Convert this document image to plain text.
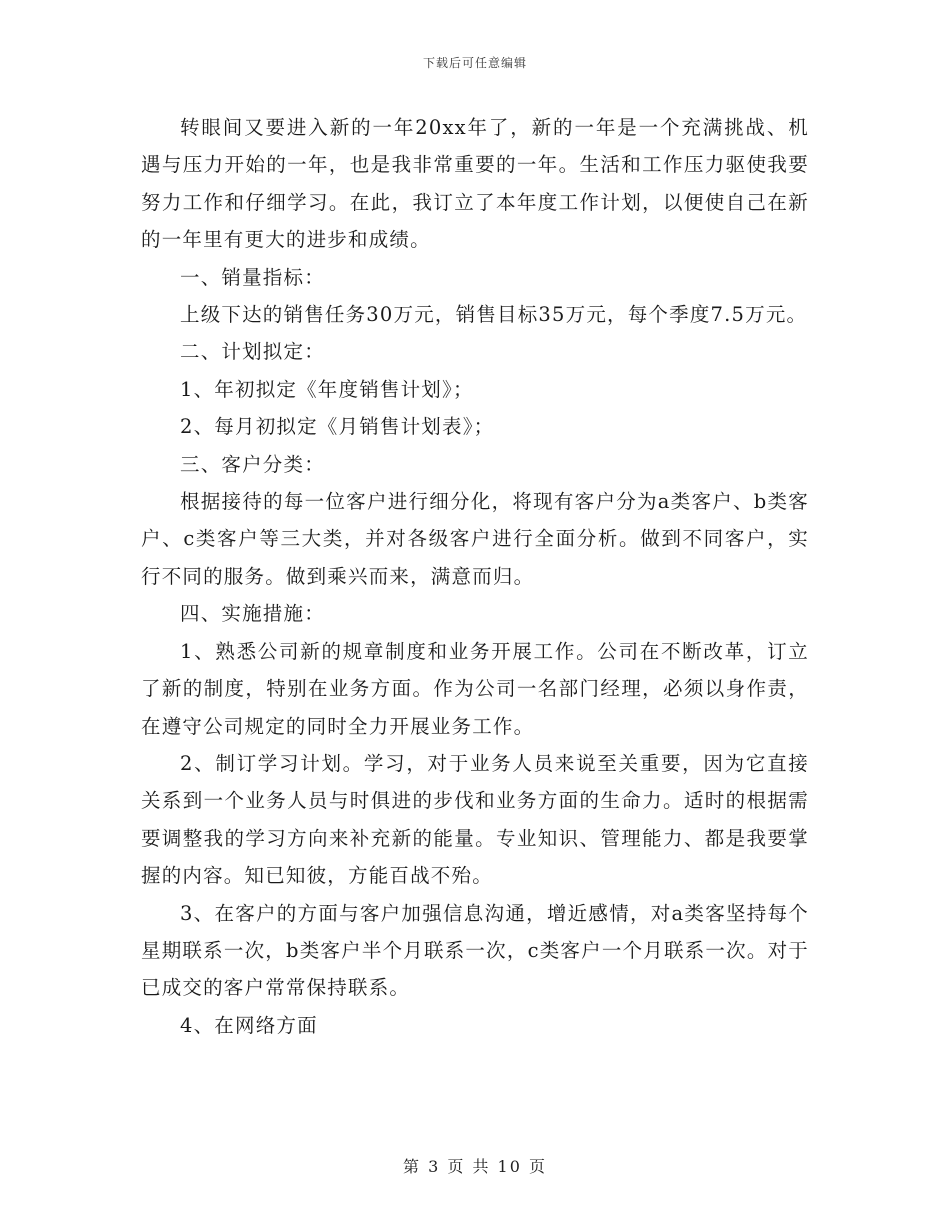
下载后可任意编辑

转眼间又要进入新的一年20xx年了，新的一年是一个充满挑战、机遇与压力开始的一年，也是我非常重要的一年。生活和工作压力驱使我要努力工作和仔细学习。在此，我订立了本年度工作计划，以便使自己在新的一年里有更大的进步和成绩。

一、销量指标：

上级下达的销售任务30万元，销售目标35万元，每个季度7.5万元。

二、计划拟定：

1、年初拟定《年度销售计划》；

2、每月初拟定《月销售计划表》；

三、客户分类：

根据接待的每一位客户进行细分化，将现有客户分为a类客户、b类客户、c类客户等三大类，并对各级客户进行全面分析。做到不同客户，实行不同的服务。做到乘兴而来，满意而归。

四、实施措施：

1、熟悉公司新的规章制度和业务开展工作。公司在不断改革，订立了新的制度，特别在业务方面。作为公司一名部门经理，必须以身作责，在遵守公司规定的同时全力开展业务工作。

2、制订学习计划。学习，对于业务人员来说至关重要，因为它直接关系到一个业务人员与时俱进的步伐和业务方面的生命力。适时的根据需要调整我的学习方向来补充新的能量。专业知识、管理能力、都是我要掌握的内容。知已知彼，方能百战不殆。

3、在客户的方面与客户加强信息沟通，增近感情，对a类客坚持每个星期联系一次，b类客户半个月联系一次，c类客户一个月联系一次。对于已成交的客户常常保持联系。

4、在网络方面

第 3 页 共 10 页
